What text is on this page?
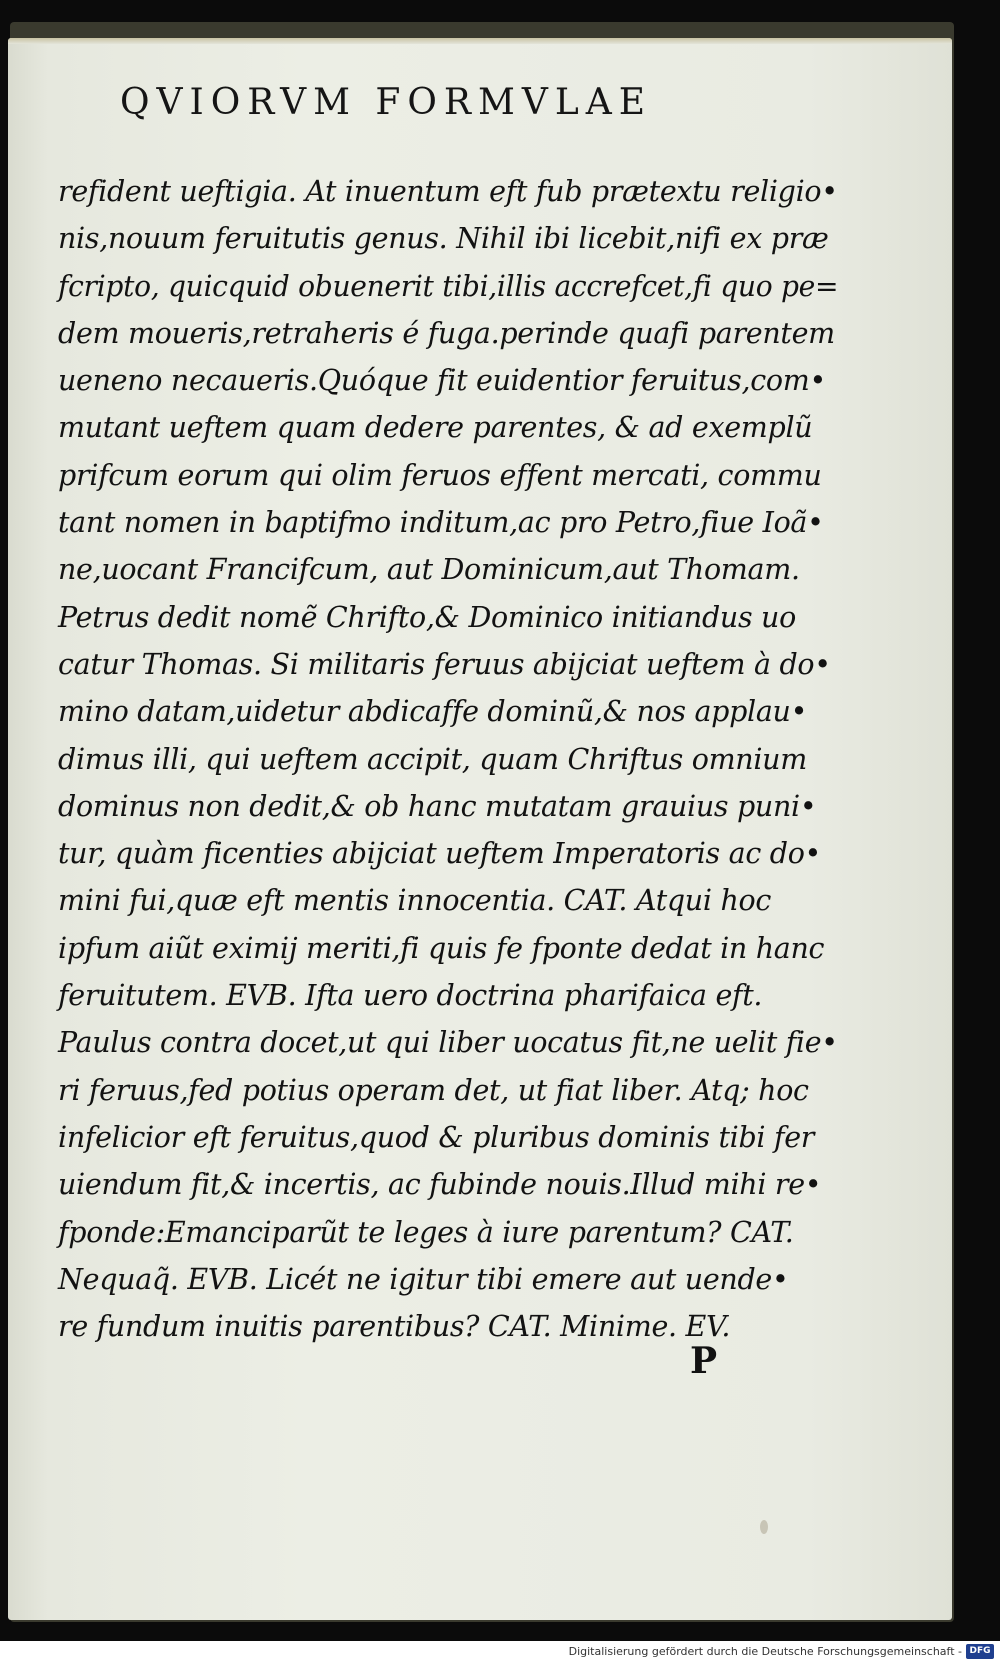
QVIORVM FORMVLAE
refident ueftigia. At inuentum eft fub prætextu religio•
nis,nouum feruitutis genus. Nihil ibi licebit,nifi ex præ
fcripto, quicquid obuenerit tibi,illis accrefcet,fi quo pe=
dem moueris,retraheris é fuga.perinde quafi parentem
ueneno necaueris.Quóque fit euidentior feruitus,com•
mutant ueftem quam dedere parentes, & ad exemplũ
prifcum eorum qui olim feruos effent mercati, commu
tant nomen in baptifmo inditum,ac pro Petro,fiue Ioã•
ne,uocant Francifcum, aut Dominicum,aut Thomam.
Petrus dedit nomẽ Chrifto,& Dominico initiandus uo
catur Thomas. Si militaris feruus abijciat ueftem à do•
mino datam,uidetur abdicaffe dominũ,& nos applau•
dimus illi, qui ueftem accipit, quam Chriftus omnium
dominus non dedit,& ob hanc mutatam grauius puni•
tur, quàm ficenties abijciat ueftem Imperatoris ac do•
mini fui,quæ eft mentis innocentia. CAT. Atqui hoc
ipfum aiũt eximij meriti,fi quis fe fponte dedat in hanc
feruitutem. EVB. Ifta uero doctrina pharifaica eft.
Paulus contra docet,ut qui liber uocatus fit,ne uelit fie•
ri feruus,fed potius operam det, ut fiat liber. Atq; hoc
infelicior eft feruitus,quod & pluribus dominis tibi fer
uiendum fit,& incertis, ac fubinde nouis.Illud mihi re•
fponde:Emanciparũt te leges à iure parentum? CAT.
Nequaq̃. EVB. Licét ne igitur tibi emere aut uende•
re fundum inuitis parentibus? CAT. Minime. EV.
P
Digitalisierung gefördert durch die Deutsche Forschungsgemeinschaft - DFG
